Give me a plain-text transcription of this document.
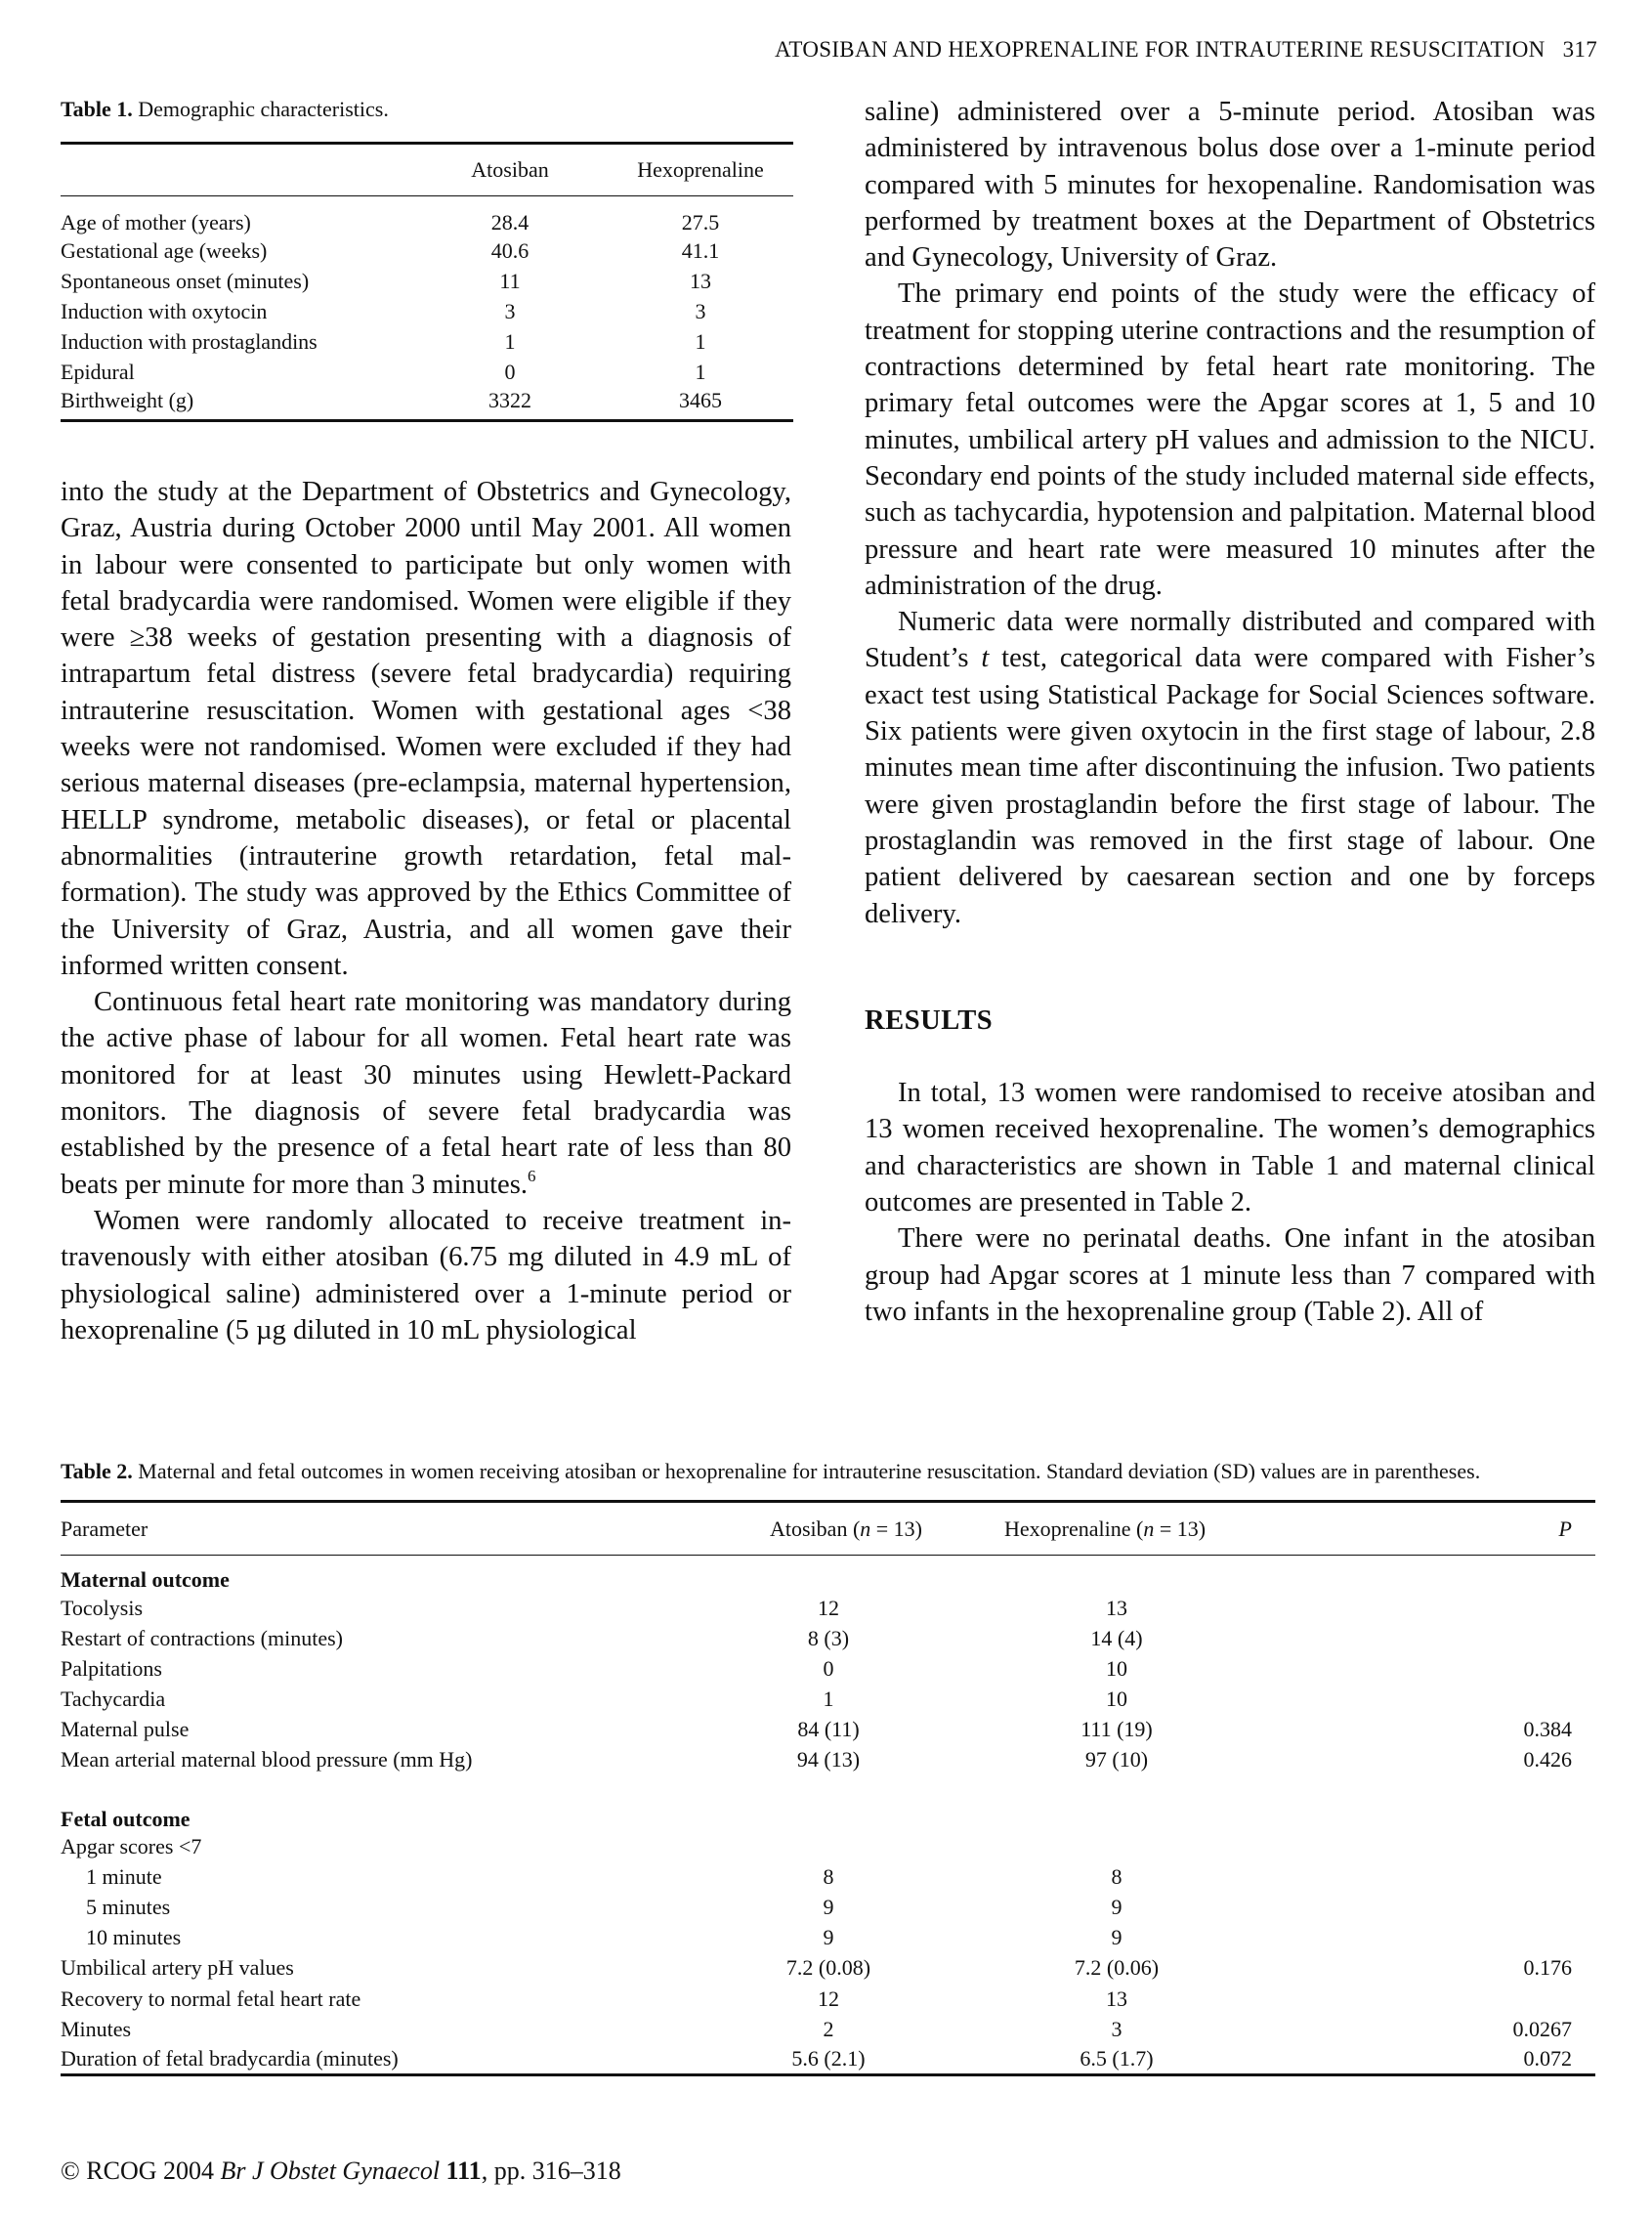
ATOSIBAN AND HEXOPRENALINE FOR INTRAUTERINE RESUSCITATION 317
Table 1. Demographic characteristics.
	Atosiban	Hexoprenaline
Age of mother (years)	28.4	27.5
Gestational age (weeks)	40.6	41.1
Spontaneous onset (minutes)	11	13
Induction with oxytocin	3	3
Induction with prostaglandins	1	1
Epidural	0	1
Birthweight (g)	3322	3465

into the study at the Department of Obstetrics and Gynecology, Graz, Austria during October 2000 until May 2001. All women in labour were consented to participate but only women with fetal bradycardia were randomised. Women were eligible if they were ≥38 weeks of gestation presenting with a diagnosis of intrapartum fetal distress (severe fetal bradycardia) requiring intrauterine resuscitation. Women with gestational ages <38 weeks were not randomised. Women were excluded if they had serious maternal diseases (pre-eclampsia, maternal hypertension, HELLP syndrome, metabolic diseases), or fetal or placental abnormalities (intrauterine growth retardation, fetal malformation). The study was approved by the Ethics Committee of the University of Graz, Austria, and all women gave their informed written consent.

Continuous fetal heart rate monitoring was mandatory during the active phase of labour for all women. Fetal heart rate was monitored for at least 30 minutes using Hewlett-Packard monitors. The diagnosis of severe fetal bradycardia was established by the presence of a fetal heart rate of less than 80 beats per minute for more than 3 minutes.$^6$

Women were randomly allocated to receive treatment intravenously with either atosiban (6.75 mg diluted in 4.9 mL of physiological saline) administered over a 1-minute period or hexoprenaline (5 µg diluted in 10 mL physiological

saline) administered over a 5-minute period. Atosiban was administered by intravenous bolus dose over a 1-minute period compared with 5 minutes for hexopenaline. Randomisation was performed by treatment boxes at the Department of Obstetrics and Gynecology, University of Graz.

The primary end points of the study were the efficacy of treatment for stopping uterine contractions and the resumption of contractions determined by fetal heart rate monitoring. The primary fetal outcomes were the Apgar scores at 1, 5 and 10 minutes, umbilical artery pH values and admission to the NICU. Secondary end points of the study included maternal side effects, such as tachycardia, hypotension and palpitation. Maternal blood pressure and heart rate were measured 10 minutes after the administration of the drug.

Numeric data were normally distributed and compared with Student’s t test, categorical data were compared with Fisher’s exact test using Statistical Package for Social Sciences software. Six patients were given oxytocin in the first stage of labour, 2.8 minutes mean time after discontinuing the infusion. Two patients were given prostaglandin before the first stage of labour. The prostaglandin was removed in the first stage of labour. One patient delivered by caesarean section and one by forceps delivery.

RESULTS

In total, 13 women were randomised to receive atosiban and 13 women received hexoprenaline. The women’s demographics and characteristics are shown in Table 1 and maternal clinical outcomes are presented in Table 2.

There were no perinatal deaths. One infant in the atosiban group had Apgar scores at 1 minute less than 7 compared with two infants in the hexoprenaline group (Table 2). All of

Table 2. Maternal and fetal outcomes in women receiving atosiban or hexoprenaline for intrauterine resuscitation. Standard deviation (SD) values are in parentheses.
Parameter	Atosiban (n = 13)	Hexoprenaline (n = 13)	P
Maternal outcome			
Tocolysis	12	13	
Restart of contractions (minutes)	8 (3)	14 (4)	
Palpitations	0	10	
Tachycardia	1	10	
Maternal pulse	84 (11)	111 (19)	0.384
Mean arterial maternal blood pressure (mm Hg)	94 (13)	97 (10)	0.426

Fetal outcome			
Apgar scores <7			
1 minute	8	8	
5 minutes	9	9	
10 minutes	9	9	
Umbilical artery pH values	7.2 (0.08)	7.2 (0.06)	0.176
Recovery to normal fetal heart rate	12	13	
Minutes	2	3	0.0267
Duration of fetal bradycardia (minutes)	5.6 (2.1)	6.5 (1.7)	0.072
© RCOG 2004 Br J Obstet Gynaecol 111, pp. 316–318
